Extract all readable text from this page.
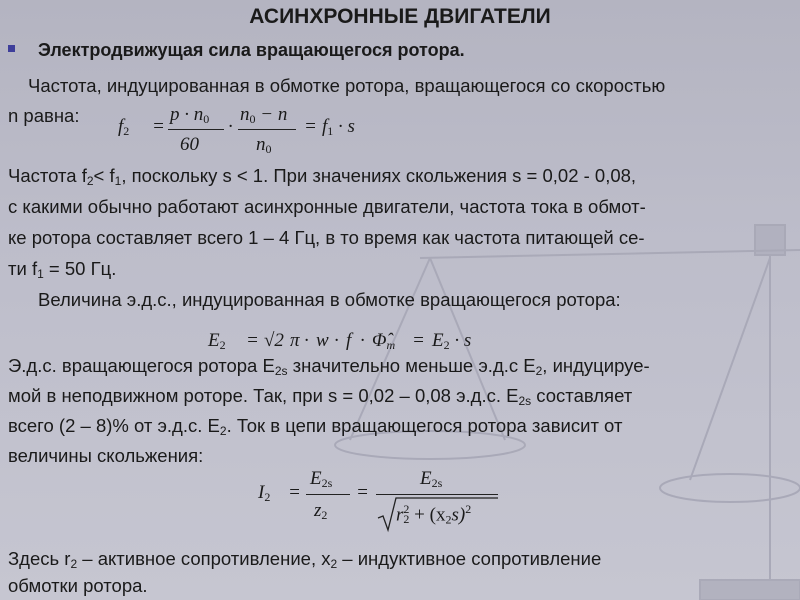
АСИНХРОННЫЕ ДВИГАТЕЛИ
Электродвижущая сила вращающегося ротора.
Частота, индуцированная в обмотке ротора, вращающегося со скоростью
n равна:
$f_2$ =
$p \cdot n_0$
60
·
$n_0 - n$
$n_0$
= $f_1 \cdot s$
Частота $f_2< f_1$, поскольку s < 1. При значениях скольжения s = 0,02 - 0,08,
с какими обычно работают асинхронные двигатели, частота тока в обмот-
ке ротора составляет всего 1 – 4 Гц, в то время как частота питающей се-
ти $f_1 = 50$ Гц.
Величина э.д.с., индуцированная в обмотке вращающегося ротора:
$E_2 = √2$ $\pi \cdot w \cdot f \cdot \Phî_m = E_2 \cdot s$
Э.д.с. вращающегося ротора $E_{2s}$ значительно меньше э.д.с $E_2$, индуцируе-
мой в неподвижном роторе. Так, при s = 0,02 – 0,08 э.д.с. $E_{2s}$ составляет
всего (2 – 8)% от э.д.с. $E_2$. Ток в цепи вращающегося ротора зависит от
величины скольжения:
$I_2$ =
$E_{2s}$
$z_2$
=
$E_{2s}$
$r^2_2 + (x_2s)^2$
Здесь $r_2$ – активное сопротивление, $x_2$ – индуктивное сопротивление
обмотки ротора.
